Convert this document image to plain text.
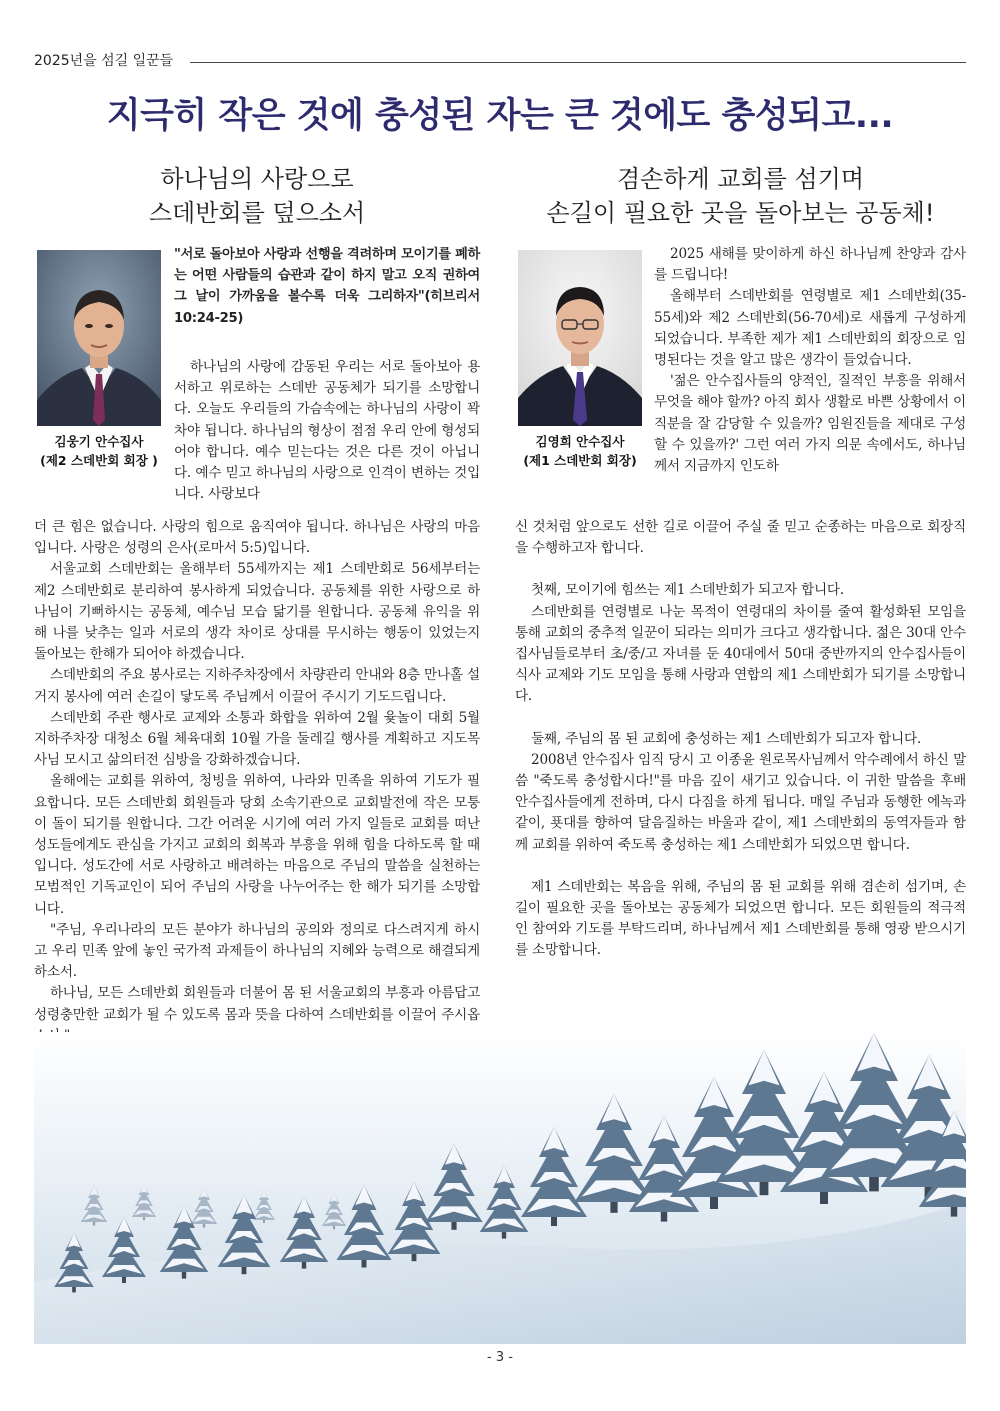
2025년을 섬길 일꾼들
지극히 작은 것에 충성된 자는 큰 것에도 충성되고...
하나님의 사랑으로
스데반회를 덮으소서
김웅기 안수집사
(제2 스데반회 회장 )
"서로 돌아보아 사랑과 선행을 격려하며 모이기를 폐하는 어떤 사람들의 습관과 같이 하지 말고 오직 권하여 그 날이 가까움을 볼수록 더욱 그리하자"(히브리서 10:24-25)

하나님의 사랑에 감동된 우리는 서로 돌아보아 용서하고 위로하는 스데반 공동체가 되기를 소망합니다. 오늘도 우리들의 가슴속에는 하나님의 사랑이 꽉 차야 됩니다. 하나님의 형상이 점점 우리 안에 형성되어야 합니다. 예수 믿는다는 것은 다른 것이 아닙니다. 예수 믿고 하나님의 사랑으로 인격이 변하는 것입니다. 사랑보다

더 큰 힘은 없습니다. 사랑의 힘으로 움직여야 됩니다. 하나님은 사랑의 마음입니다. 사랑은 성령의 은사(로마서 5:5)입니다.

서울교회 스데반회는 올해부터 55세까지는 제1 스데반회로 56세부터는 제2 스데반회로 분리하여 봉사하게 되었습니다. 공동체를 위한 사랑으로 하나님이 기뻐하시는 공동체, 예수님 모습 닮기를 원합니다. 공동체 유익을 위해 나를 낮추는 일과 서로의 생각 차이로 상대를 무시하는 행동이 있었는지 돌아보는 한해가 되어야 하겠습니다.

스데반회의 주요 봉사로는 지하주차장에서 차량관리 안내와 8층 만나홀 설거지 봉사에 여러 손길이 닿도록 주님께서 이끌어 주시기 기도드립니다.

스데반회 주관 행사로 교제와 소통과 화합을 위하여 2월 윷놀이 대회 5월 지하주차장 대청소 6월 체육대회 10월 가을 둘레길 행사를 계획하고 지도목사님 모시고 삶의터전 심방을 강화하겠습니다.

올해에는 교회를 위하여, 청빙을 위하여, 나라와 민족을 위하여 기도가 필요합니다. 모든 스데반회 회원들과 당회 소속기관으로 교회발전에 작은 모퉁이 돌이 되기를 원합니다. 그간 어려운 시기에 여러 가지 일들로 교회를 떠난 성도들에게도 관심을 가지고 교회의 회복과 부흥을 위해 힘을 다하도록 할 때입니다. 성도간에 서로 사랑하고 배려하는 마음으로 주님의 말씀을 실천하는 모범적인 기독교인이 되어 주님의 사랑을 나누어주는 한 해가 되기를 소망합니다.

"주님, 우리나라의 모든 분야가 하나님의 공의와 정의로 다스려지게 하시고 우리 민족 앞에 놓인 국가적 과제들이 하나님의 지혜와 능력으로 해결되게 하소서.

하나님, 모든 스데반회 회원들과 더불어 몸 된 서울교회의 부흥과 아름답고 성령충만한 교회가 될 수 있도록 몸과 뜻을 다하여 스데반회를 이끌어 주시옵

겸손하게 교회를 섬기며
손길이 필요한 곳을 돌아보는 공동체!
김영희 안수집사
(제1 스데반회 회장)

2025 새해를 맞이하게 하신 하나님께 찬양과 감사를 드립니다!

올해부터 스데반회를 연령별로 제1 스데반회(35-55세)와 제2 스데반회(56-70세)로 새롭게 구성하게 되었습니다. 부족한 제가 제1 스데반회의 회장으로 임명된다는 것을 알고 많은 생각이 들었습니다.

'젊은 안수집사들의 양적인, 질적인 부흥을 위해서 무엇을 해야 할까? 아직 회사 생활로 바쁜 상황에서 이 직분을 잘 감당할 수 있을까? 임원진들을 제대로 구성할 수 있을까?' 그런 여러 가지 의문 속에서도, 하나님께서 지금까지 인도하

신 것처럼 앞으로도 선한 길로 이끌어 주실 줄 믿고 순종하는 마음으로 회장직을 수행하고자 합니다.

첫째, 모이기에 힘쓰는 제1 스데반회가 되고자 합니다.

스데반회를 연령별로 나눈 목적이 연령대의 차이를 줄여 활성화된 모임을 통해 교회의 중추적 일꾼이 되라는 의미가 크다고 생각합니다. 젊은 30대 안수집사님들로부터 초/중/고 자녀를 둔 40대에서 50대 중반까지의 안수집사들이 식사 교제와 기도 모임을 통해 사랑과 연합의 제1 스데반회가 되기를 소망합니다.

둘째, 주님의 몸 된 교회에 충성하는 제1 스데반회가 되고자 합니다.

2008년 안수집사 임직 당시 고 이종윤 원로목사님께서 악수례에서 하신 말씀 "죽도록 충성합시다!"를 마음 깊이 새기고 있습니다. 이 귀한 말씀을 후배 안수집사들에게 전하며, 다시 다짐을 하게 됩니다. 매일 주님과 동행한 에녹과 같이, 푯대를 향하여 달음질하는 바울과 같이, 제1 스데반회의 동역자들과 함께 교회를 위하여 죽도록 충성하는 제1 스데반회가 되었으면 합니다.

제1 스데반회는 복음을 위해, 주님의 몸 된 교회를 위해 겸손히 섬기며, 손길이 필요한 곳을 돌아보는 공동체가 되었으면 합니다. 모든 회원들의 적극적인 참여와 기도를 부탁드리며, 하나님께서 제1 스데반회를 통해 영광 받으시기를 소망합니다.

- 3 -
